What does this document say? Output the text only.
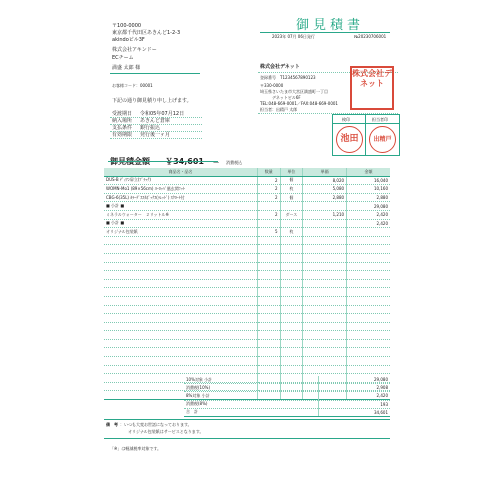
御見積書
2023年 07月 06日発行	№20230706001
〒100-0000
東京都千代田区あきんど1-2-3
akindoビル3F
株式会社アキンドー
ECチーム
満盛 太郎 様
お客様コード：00001
下記の通り御見積り申し上げます。
受渡期日 令和05年07月12日
納入場所 あきんど倉庫
支払条件 銀行振込
有効期限 発行後一ヶ月
株式会社デネット
登録番号 T1234567890123
〒330-0000
埼玉県さいたま市大宮区満盛町一丁目
デネットビル6F
TEL:048-669-0001／FAX:048-669-0001
担当者：出精戸 太郎
株式会社デネット
検印	担当者印
池田	出精戸
御見積金額 ￥34,601 — 消費税込
商品名・品名	数量	単位	単価	金額
DUS-B ﾃﾞｨｱﾝ扉立(ﾌﾞﾗｯｸ)	2	個	8,020	16,040
WOMN-Mo1 (89×56cm) ﾖｰﾛｯﾊﾟ風玄関ﾏｯﾄ	2	枚	5,080	10,160
CBG-6(35L) ｶﾗｰﾃﾞｽｽﾀﾎﾞｯｸｽ(ﾗﾚｯﾄﾞ) ｽｸﾛｰﾄ付	2	個	2,880	2,880
■ 小計 ■				29,080
ミネラルウォーター　２リットル※	2	ダース	1,210	2,420
■ 小計 ■				2,420
オリジナル包装紙	5	枚		

10%対象 小計	29,080
消費税(10%)	2,908
8%対象 小計	2,420
消費税(8%)	193
合　計	34,601
備　考 ：いつも大変お世話になっております。
オリジナル包装紙はサービスとなります。
「※」は軽減税率対象です。
